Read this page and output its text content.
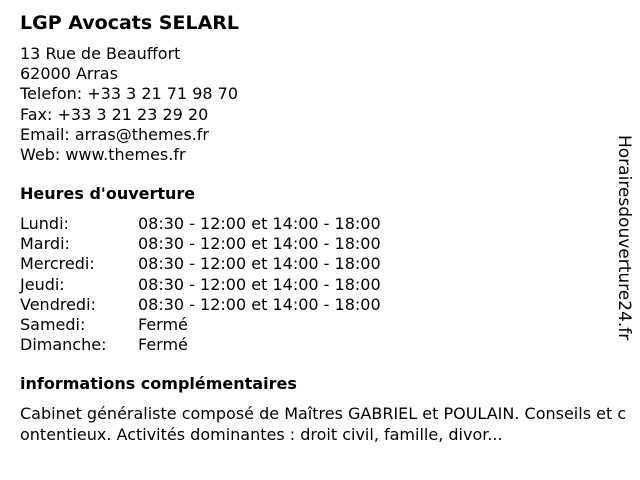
LGP Avocats SELARL
13 Rue de Beauffort
62000 Arras
Telefon: +33 3 21 71 98 70
Fax: +33 3 21 23 29 20
Email: arras@themes.fr
Web: www.themes.fr
Heures d'ouverture
Lundi:	08:30 - 12:00 et 14:00 - 18:00
Mardi:	08:30 - 12:00 et 14:00 - 18:00
Mercredi:	08:30 - 12:00 et 14:00 - 18:00
Jeudi:	08:30 - 12:00 et 14:00 - 18:00
Vendredi:	08:30 - 12:00 et 14:00 - 18:00
Samedi:	Fermé
Dimanche: Fermé
informations complémentaires
Cabinet généraliste composé de Maîtres GABRIEL et POULAIN. Conseils et contentieux. Activités dominantes : droit civil, famille, divor...
Horairesdouverture24.fr
